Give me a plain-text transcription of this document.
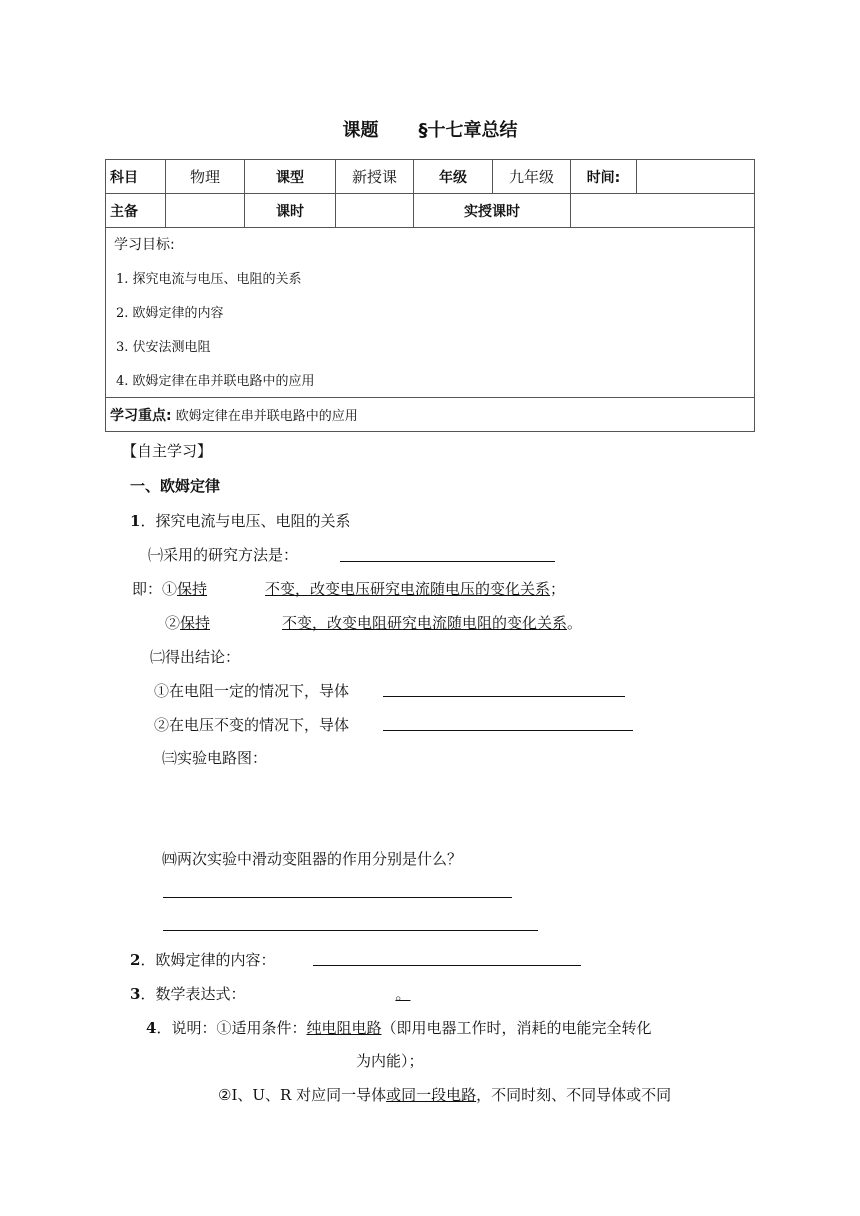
课题 §十七章总结
科目	物理	课型	新授课	年级	九年级	时间:	
主备		课时		实授课时			

学习目标:
1. 探究电流与电压、电阻的关系
2. 欧姆定律的内容
3. 伏安法测电阻
4. 欧姆定律在串并联电路中的应用							

学习重点: 欧姆定律在串并联电路中的应用							
【自主学习】
一、欧姆定律
1．探究电流与电压、电阻的关系
㈠采用的研究方法是：
即：①保持	不变，改变电压研究电流随电压的变化关系；
②保持	不变，改变电阻研究电流随电阻的变化关系。
㈡得出结论：
①在电阻一定的情况下，导体
②在电压不变的情况下，导体
㈢实验电路图：
㈣两次实验中滑动变阻器的作用分别是什么？
2．欧姆定律的内容：
3．数学表达式：	。
4．说明：①适用条件：纯电阻电路（即用电器工作时，消耗的电能完全转化
为内能）；
②I、U、R 对应同一导体或同一段电路，不同时刻、不同导体或不同
